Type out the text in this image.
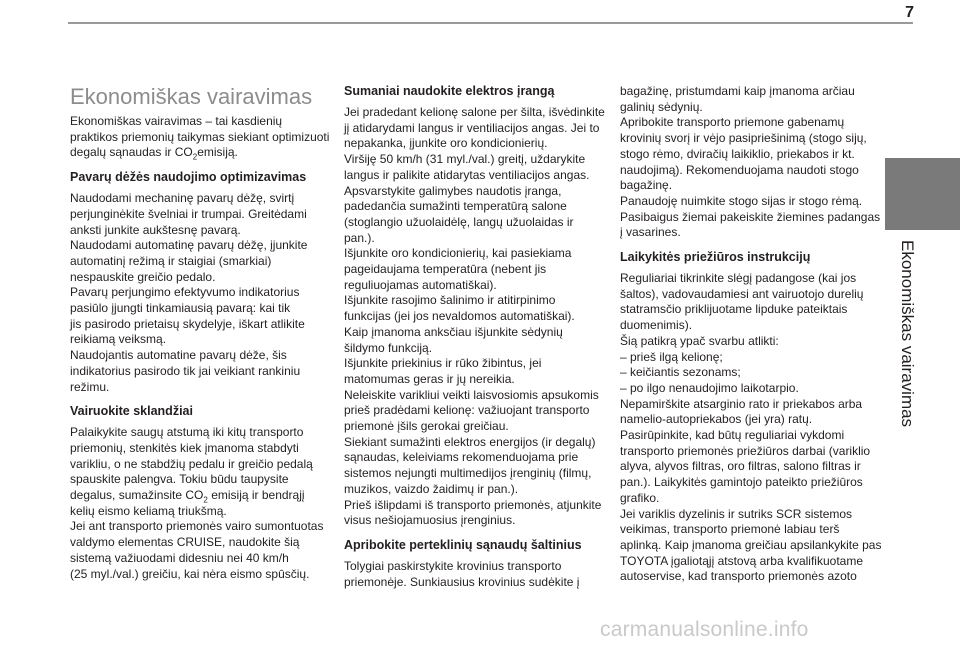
7
Ekonomiškas vairavimas
Ekonomiškas vairavimas

Ekonomiškas vairavimas – tai kasdienių
praktikos priemonių taikymas siekiant optimizuoti
degalų sąnaudas ir $CO_2emisiją$.

Pavarų dėžės naudojimo optimizavimas

Naudodami mechaninę pavarų dėžę, svirtį
perjunginėkite švelniai ir trumpai. Greitėdami
anksti junkite aukštesnę pavarą.
Naudodami automatinę pavarų dėžę, įjunkite
automatinį režimą ir staigiai (smarkiai)
nespauskite greičio pedalo.
Pavarų perjungimo efektyvumo indikatorius
pasiūlo įjungti tinkamiausią pavarą: kai tik
jis pasirodo prietaisų skydelyje, iškart atlikite
reikiamą veiksmą.
Naudojantis automatine pavarų dėže, šis
indikatorius pasirodo tik jai veikiant rankiniu
režimu.

Vairuokite sklandžiai

Palaikykite saugų atstumą iki kitų transporto
priemonių, stenkitės kiek įmanoma stabdyti
varikliu, o ne stabdžių pedalu ir greičio pedalą
spauskite palengva. Tokiu būdu taupysite
degalus, sumažinsite $CO_2$ emisiją ir bendrąjį
kelių eismo keliamą triukšmą.
Jei ant transporto priemonės vairo sumontuotas
valdymo elementas CRUISE, naudokite šią
sistemą važiuodami didesniu nei 40 km/h
(25 myl./val.) greičiu, kai nėra eismo spūsčių.

Sumaniai naudokite elektros įrangą

Jei pradedant kelionę salone per šilta, išvėdinkite
jį atidarydami langus ir ventiliacijos angas. Jei to
nepakanka, įjunkite oro kondicionierių.
Viršiję 50 km/h (31 myl./val.) greitį, uždarykite
langus ir palikite atidarytas ventiliacijos angas.
Apsvarstykite galimybes naudotis įranga,
padedančia sumažinti temperatūrą salone
(stoglangio užuolaidėlę, langų užuolaidas ir
pan.).
Išjunkite oro kondicionierių, kai pasiekiama
pageidaujama temperatūra (nebent jis
reguliuojamas automatiškai).
Išjunkite rasojimo šalinimo ir atitirpinimo
funkcijas (jei jos nevaldomos automatiškai).
Kaip įmanoma anksčiau išjunkite sėdynių
šildymo funkciją.
Išjunkite priekinius ir rūko žibintus, jei
matomumas geras ir jų nereikia.
Neleiskite varikliui veikti laisvosiomis apsukomis
prieš pradėdami kelionę: važiuojant transporto
priemonė įšils gerokai greičiau.
Siekiant sumažinti elektros energijos (ir degalų)
sąnaudas, keleiviams rekomenduojama prie
sistemos nejungti multimedijos įrenginių (filmų,
muzikos, vaizdo žaidimų ir pan.).
Prieš išlipdami iš transporto priemonės, atjunkite
visus nešiojamuosius įrenginius.

Apribokite perteklinių sąnaudų šaltinius

Tolygiai paskirstykite krovinius transporto
priemonėje. Sunkiausius krovinius sudėkite į

bagažinę, pristumdami kaip įmanoma arčiau
galinių sėdynių.
Apribokite transporto priemone gabenamų
krovinių svorį ir vėjo pasipriešinimą (stogo sijų,
stogo rėmo, dviračių laikiklio, priekabos ir kt.
naudojimą). Rekomenduojama naudoti stogo
bagažinę.
Panaudoję nuimkite stogo sijas ir stogo rėmą.
Pasibaigus žiemai pakeiskite žiemines padangas
į vasarines.

Laikykitės priežiūros instrukcijų

Reguliariai tikrinkite slėgį padangose (kai jos
šaltos), vadovaudamiesi ant vairuotojo durelių
statramsčio priklijuotame lipduke pateiktais
duomenimis).
Šią patikrą ypač svarbu atlikti:
– prieš ilgą kelionę;
– keičiantis sezonams;
– po ilgo nenaudojimo laikotarpio.
Nepamirškite atsarginio rato ir priekabos arba
namelio-autopriekabos (jei yra) ratų.
Pasirūpinkite, kad būtų reguliariai vykdomi
transporto priemonės priežiūros darbai (variklio
alyva, alyvos filtras, oro filtras, salono filtras ir
pan.). Laikykitės gamintojo pateikto priežiūros
grafiko.
Jei variklis dyzelinis ir sutriks SCR sistemos
veikimas, transporto priemonė labiau terš
aplinką. Kaip įmanoma greičiau apsilankykite pas
TOYOTA įgaliotąjį atstovą arba kvalifikuotame
autoservise, kad transporto priemonės azoto

carmanualsonline.info
